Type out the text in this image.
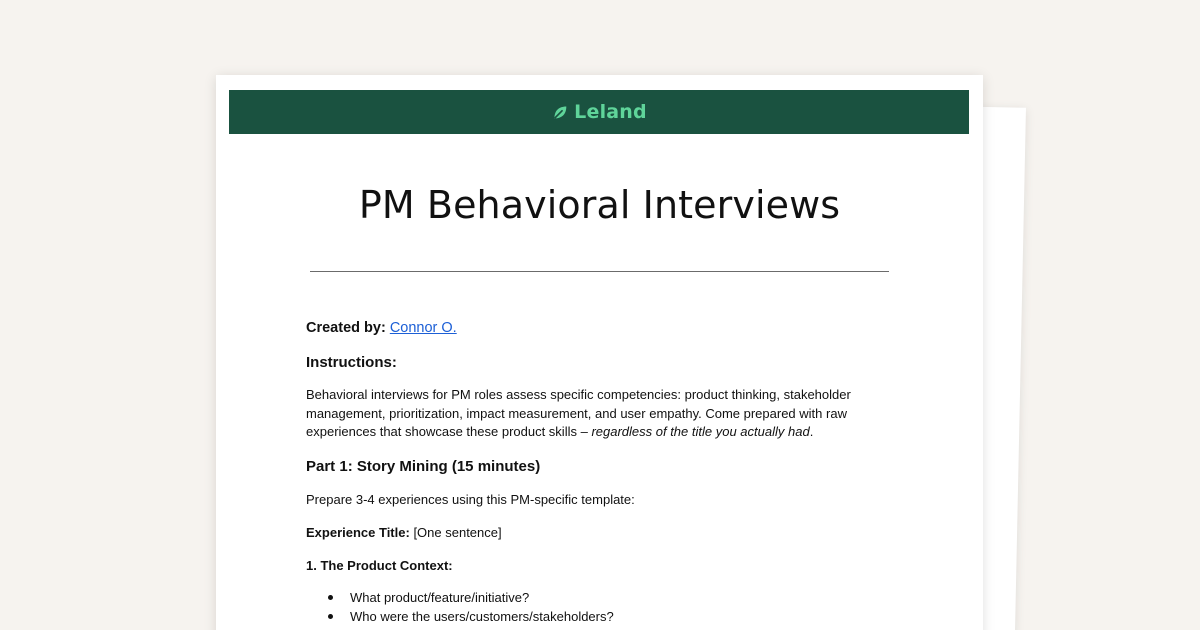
Leland
PM Behavioral Interviews
Created by: Connor O.
Instructions:
Behavioral interviews for PM roles assess specific competencies: product thinking, stakeholder management, prioritization, impact measurement, and user empathy. Come prepared with raw experiences that showcase these product skills – regardless of the title you actually had.
Part 1: Story Mining (15 minutes)
Prepare 3-4 experiences using this PM-specific template:
Experience Title: [One sentence]
1. The Product Context:
What product/feature/initiative?
Who were the users/customers/stakeholders?
